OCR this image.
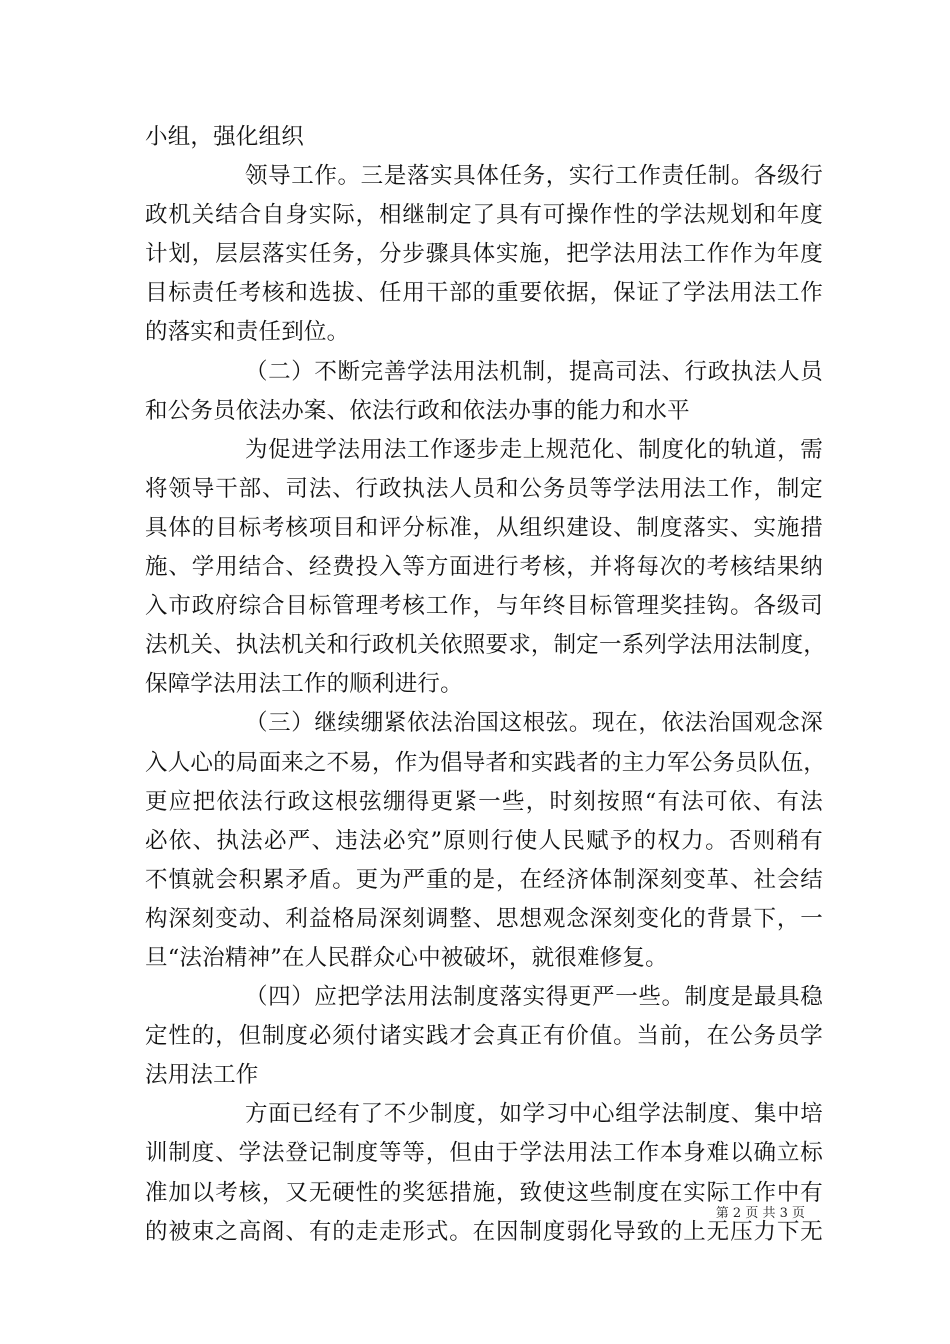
小组，强化组织
领导工作。三是落实具体任务，实行工作责任制。各级行
政机关结合自身实际，相继制定了具有可操作性的学法规划和年度
计划，层层落实任务，分步骤具体实施，把学法用法工作作为年度
目标责任考核和选拔、任用干部的重要依据，保证了学法用法工作
的落实和责任到位。
（二）不断完善学法用法机制，提高司法、行政执法人员
和公务员依法办案、依法行政和依法办事的能力和水平
为促进学法用法工作逐步走上规范化、制度化的轨道，需
将领导干部、司法、行政执法人员和公务员等学法用法工作，制定
具体的目标考核项目和评分标准，从组织建设、制度落实、实施措
施、学用结合、经费投入等方面进行考核，并将每次的考核结果纳
入市政府综合目标管理考核工作，与年终目标管理奖挂钩。各级司
法机关、执法机关和行政机关依照要求，制定一系列学法用法制度，
保障学法用法工作的顺利进行。
（三）继续绷紧依法治国这根弦。现在，依法治国观念深
入人心的局面来之不易，作为倡导者和实践者的主力军公务员队伍，
更应把依法行政这根弦绷得更紧一些，时刻按照“有法可依、有法
必依、执法必严、违法必究”原则行使人民赋予的权力。否则稍有
不慎就会积累矛盾。更为严重的是，在经济体制深刻变革、社会结
构深刻变动、利益格局深刻调整、思想观念深刻变化的背景下，一
旦“法治精神”在人民群众心中被破坏，就很难修复。
（四）应把学法用法制度落实得更严一些。制度是最具稳
定性的，但制度必须付诸实践才会真正有价值。当前，在公务员学
法用法工作
方面已经有了不少制度，如学习中心组学法制度、集中培
训制度、学法登记制度等等，但由于学法用法工作本身难以确立标
准加以考核，又无硬性的奖惩措施，致使这些制度在实际工作中有
的被束之高阁、有的走走形式。在因制度弱化导致的上无压力下无
第 2 页 共 3 页
